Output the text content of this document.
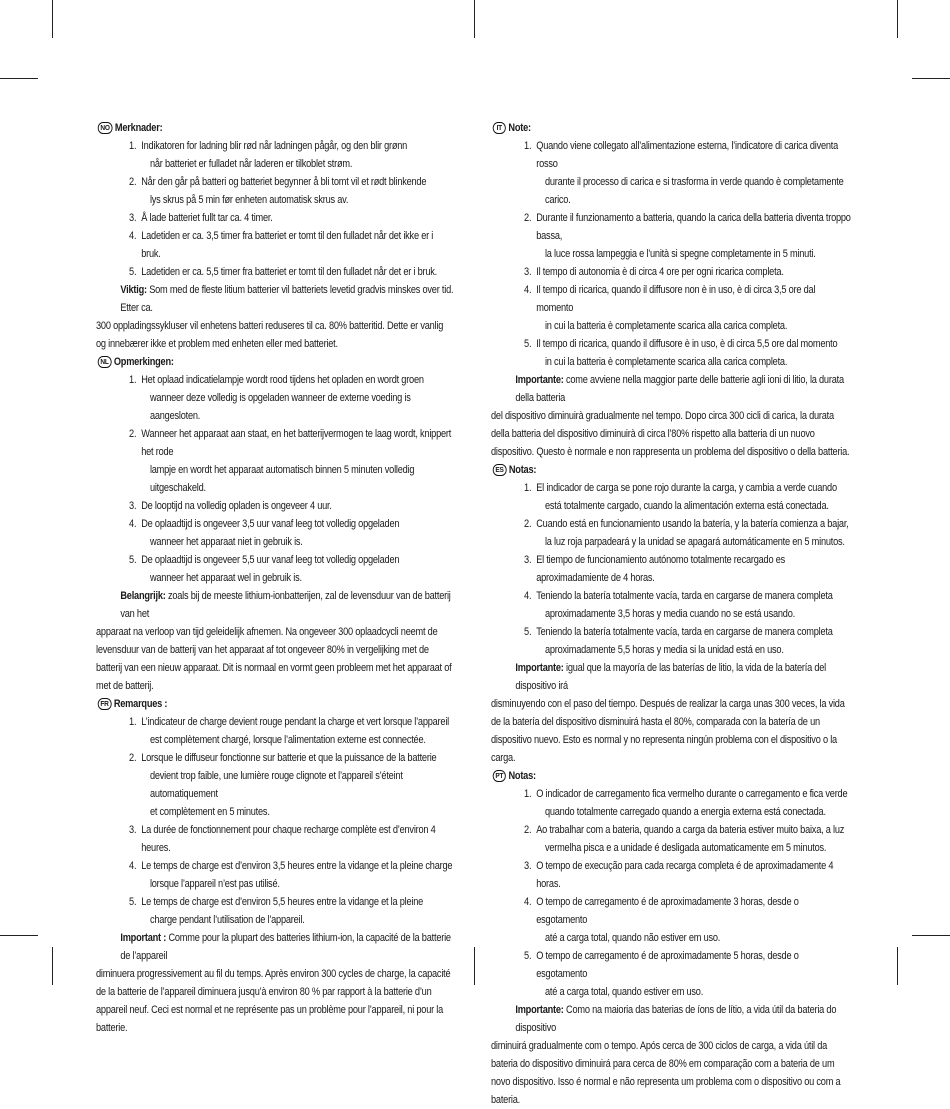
NO Merknader:
1. Indikatoren for ladning blir rød når ladningen pågår, og den blir grønn
når batteriet er fulladet når laderen er tilkoblet strøm.
2. Når den går på batteri og batteriet begynner å bli tomt vil et rødt blinkende
lys skrus på 5 min før enheten automatisk skrus av.
3. Å lade batteriet fullt tar ca. 4 timer.
4. Ladetiden er ca. 3,5 timer fra batteriet er tomt til den fulladet når det ikke er i bruk.
5. Ladetiden er ca. 5,5 timer fra batteriet er tomt til den fulladet når det er i bruk.
Viktig: Som med de fleste litium batterier vil batteriets levetid gradvis minskes over tid. Etter ca.
300 oppladingssykluser vil enhetens batteri reduseres til ca. 80% batteritid. Dette er vanlig og innebærer ikke et problem med enheten eller med batteriet.
NL Opmerkingen:
1. Het oplaad indicatielampje wordt rood tijdens het opladen en wordt groen
wanneer deze volledig is opgeladen wanneer de externe voeding is aangesloten.
2. Wanneer het apparaat aan staat, en het batterijvermogen te laag wordt, knippert het rode
lampje en wordt het apparaat automatisch binnen 5 minuten volledig uitgeschakeld.
3. De looptijd na volledig opladen is ongeveer 4 uur.
4. De oplaadtijd is ongeveer 3,5 uur vanaf leeg tot volledig opgeladen
wanneer het apparaat niet in gebruik is.
5. De oplaadtijd is ongeveer 5,5 uur vanaf leeg tot volledig opgeladen
wanneer het apparaat wel in gebruik is.
Belangrijk: zoals bij de meeste lithium-ionbatterijen, zal de levensduur van de batterij van het
apparaat na verloop van tijd geleidelijk afnemen. Na ongeveer 300 oplaadcycli neemt de levensduur van de batterij van het apparaat af tot ongeveer 80% in vergelijking met de batterij van een nieuw apparaat. Dit is normaal en vormt geen probleem met het apparaat of met de batterij.
FR Remarques :
1. L’indicateur de charge devient rouge pendant la charge et vert lorsque l’appareil
est complètement chargé, lorsque l’alimentation externe est connectée.
2. Lorsque le diffuseur fonctionne sur batterie et que la puissance de la batterie
devient trop faible, une lumière rouge clignote et l’appareil s’éteint automatiquement
et complètement en 5 minutes.
3. La durée de fonctionnement pour chaque recharge complète est d’environ 4 heures.
4. Le temps de charge est d’environ 3,5 heures entre la vidange et la pleine charge
lorsque l’appareil n’est pas utilisé.
5. Le temps de charge est d’environ 5,5 heures entre la vidange et la pleine
charge pendant l’utilisation de l’appareil.
Important : Comme pour la plupart des batteries lithium-ion, la capacité de la batterie de l’appareil
diminuera progressivement au fil du temps. Après environ 300 cycles de charge, la capacité de la batterie de l’appareil diminuera jusqu’à environ 80 % par rapport à la batterie d’un appareil neuf. Ceci est normal et ne représente pas un problème pour l’appareil, ni pour la batterie.
IT Note:
1. Quando viene collegato all’alimentazione esterna, l’indicatore di carica diventa rosso
durante il processo di carica e si trasforma in verde quando è completamente carico.
2. Durante il funzionamento a batteria, quando la carica della batteria diventa troppo bassa,
la luce rossa lampeggia e l’unità si spegne completamente in 5 minuti.
3. Il tempo di autonomia è di circa 4 ore per ogni ricarica completa.
4. Il tempo di ricarica, quando il diffusore non è in uso, è di circa 3,5 ore dal momento
in cui la batteria è completamente scarica alla carica completa.
5. Il tempo di ricarica, quando il diffusore è in uso, è di circa 5,5 ore dal momento
in cui la batteria è completamente scarica alla carica completa.
Importante: come avviene nella maggior parte delle batterie agli ioni di litio, la durata della batteria
del dispositivo diminuirà gradualmente nel tempo. Dopo circa 300 cicli di carica, la durata della batteria del dispositivo diminuirà di circa l’80% rispetto alla batteria di un nuovo dispositivo. Questo è normale e non rappresenta un problema del dispositivo o della batteria.
ES Notas:
1. El indicador de carga se pone rojo durante la carga, y cambia a verde cuando
está totalmente cargado, cuando la alimentación externa está conectada.
2. Cuando está en funcionamiento usando la batería, y la batería comienza a bajar,
la luz roja parpadeará y la unidad se apagará automáticamente en 5 minutos.
3. El tiempo de funcionamiento autónomo totalmente recargado es aproximadamiente de 4 horas.
4. Teniendo la batería totalmente vacía, tarda en cargarse de manera completa
aproximadamente 3,5 horas y media cuando no se está usando.
5. Teniendo la batería totalmente vacía, tarda en cargarse de manera completa
aproximadamente 5,5 horas y media si la unidad está en uso.
Importante: igual que la mayoría de las baterías de litio, la vida de la batería del dispositivo irá
disminuyendo con el paso del tiempo. Después de realizar la carga unas 300 veces, la vida de la batería del dispositivo disminuirá hasta el 80%, comparada con la batería de un dispositivo nuevo. Esto es normal y no representa ningún problema con el dispositivo o la carga.
PT Notas:
1. O indicador de carregamento fica vermelho durante o carregamento e fica verde
quando totalmente carregado quando a energia externa está conectada.
2. Ao trabalhar com a bateria, quando a carga da bateria estiver muito baixa, a luz
vermelha pisca e a unidade é desligada automaticamente em 5 minutos.
3. O tempo de execução para cada recarga completa é de aproximadamente 4 horas.
4. O tempo de carregamento é de aproximadamente 3 horas, desde o esgotamento
até a carga total, quando não estiver em uso.
5. O tempo de carregamento é de aproximadamente 5 horas, desde o esgotamento
até a carga total, quando estiver em uso.
Importante: Como na maioria das baterias de íons de lítio, a vida útil da bateria do dispositivo
diminuirá gradualmente com o tempo. Após cerca de 300 ciclos de carga, a vida útil da bateria do dispositivo diminuirá para cerca de 80% em comparação com a bateria de um novo dispositivo. Isso é normal e não representa um problema com o dispositivo ou com a bateria.
